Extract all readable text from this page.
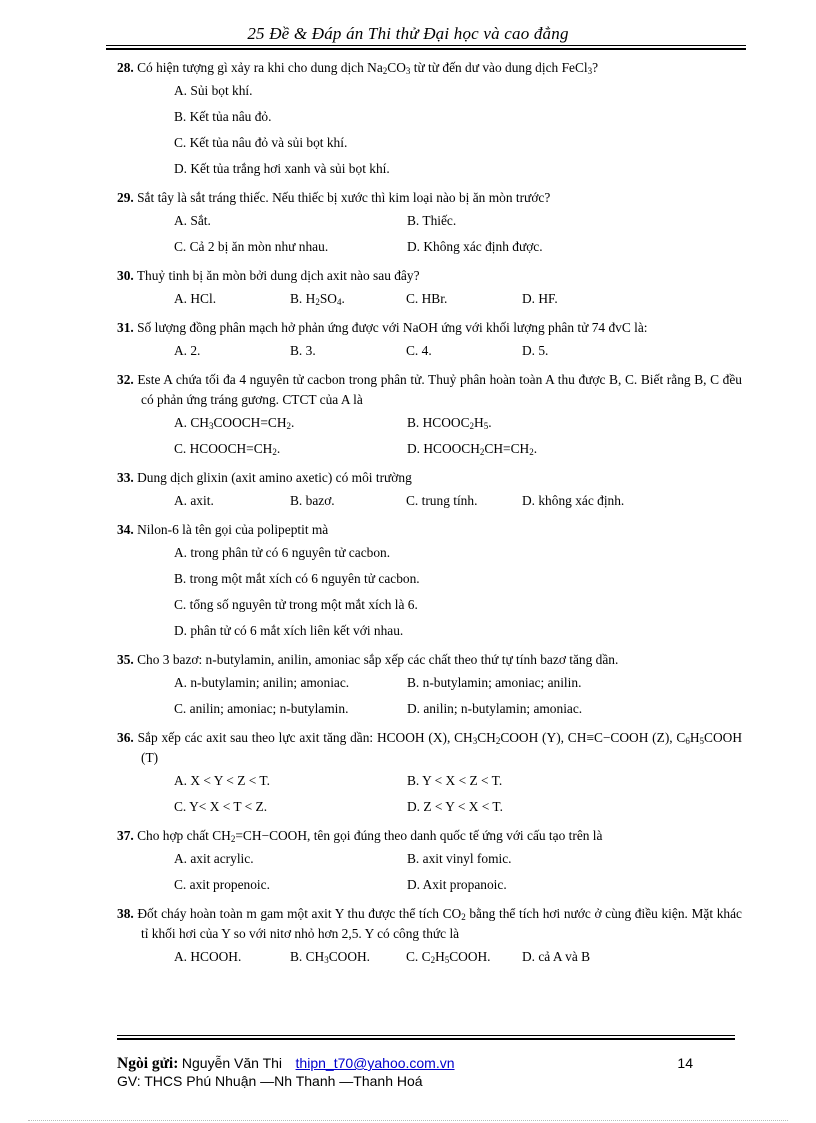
25 Đề & Đáp án Thi thử Đại học và cao đẳng
28. Có hiện tượng gì xảy ra khi cho dung dịch $Na_2CO_3$ từ từ đến dư vào dung dịch FeCl$_3$?
A. Sủi bọt khí.
B. Kết tủa nâu đỏ.
C. Kết tủa nâu đỏ và sủi bọt khí.
D. Kết tủa trắng hơi xanh và sủi bọt khí.
29. Sắt tây là sắt tráng thiếc. Nếu thiếc bị xước thì kim loại nào bị ăn mòn trước?
A. Sắt.	B. Thiếc.
C. Cả 2 bị ăn mòn như nhau.	D. Không xác định được.
30. Thuỷ tinh bị ăn mòn bởi dung dịch axit nào sau đây?
A. HCl.	B. $H_2SO_4$.	C. HBr.	D. HF.
31. Số lượng đồng phân mạch hở phản ứng được với NaOH ứng với khối lượng phân tử 74 đvC là:
A. 2.	B. 3.	C. 4.	D. 5.
32. Este A chứa tối đa 4 nguyên tử cacbon trong phân tử. Thuỷ phân hoàn toàn A thu được B, C. Biết rằng B, C đều có phản ứng tráng gương. CTCT của A là
A. $CH_3COOCH=CH_2$.	B. $HCOOC_2H_5$.
C. $HCOOCH=CH_2$.	D. $HCOOCH_2CH=CH_2$.
33. Dung dịch glixin (axit amino axetic) có môi trường
A. axit.	B. bazơ.	C. trung tính.	D. không xác định.
34. Nilon-6 là tên gọi của polipeptit mà
A. trong phân tử có 6 nguyên tử cacbon.
B. trong một mắt xích có 6 nguyên tử cacbon.
C. tổng số nguyên tử trong một mắt xích là 6.
D. phân tử có 6 mắt xích liên kết với nhau.
35. Cho 3 bazơ: n-butylamin, anilin, amoniac sắp xếp các chất theo thứ tự tính bazơ tăng dần.
A. n-butylamin; anilin; amoniac.	B. n-butylamin; amoniac; anilin.
C. anilin; amoniac; n-butylamin.	D. anilin; n-butylamin; amoniac.
36. Sắp xếp các axit sau theo lực axit tăng dần: HCOOH (X), $CH_3CH_2COOH$ (Y), CH≡C−COOH (Z), $C_6H_5COOH$ (T)
A. X < Y < Z < T.	B. Y < X < Z < T.
C. Y< X < T < Z.	D. Z < Y < X < T.
37. Cho hợp chất $CH_2=CH-COOH$, tên gọi đúng theo danh quốc tế ứng với cấu tạo trên là
A. axit acrylic.	B. axit vinyl fomic.
C. axit propenoic.	D. Axit propanoic.
38. Đốt cháy hoàn toàn m gam một axit Y thu được thể tích $CO_2$ bằng thể tích hơi nước ở cùng điều kiện. Mặt khác tỉ khối hơi của Y so với nitơ nhỏ hơn 2,5. Y có công thức là
A. HCOOH.	B. $CH_3COOH$.	C. $C_2H_5COOH$.	D. cả A và B
Ngòi gửi: Nguyễn Văn Thi thipn_t70@yahoo.com.vn	14
GV: THCS Phú Nhuận —Nh Thanh —Thanh Hoá
